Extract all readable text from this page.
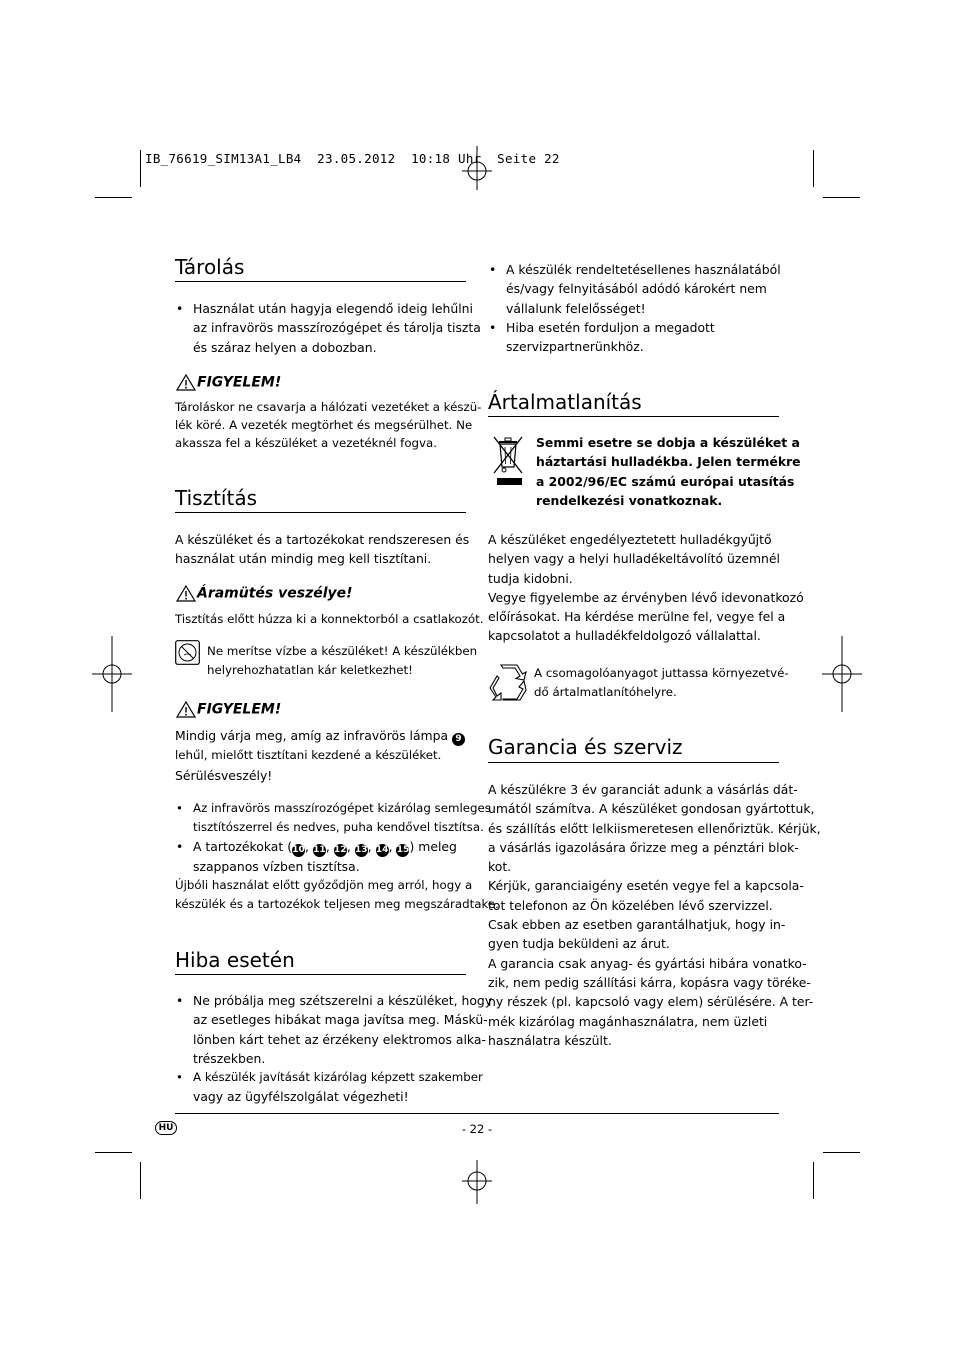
IB_76619_SIM13A1_LB4  23.05.2012  10:18 Uhr  Seite 22
Tárolás
• Használat után hagyja elegendő ideig lehűlni
az infravörös masszírozógépet és tárolja tiszta
és száraz helyen a dobozban.
FIGYELEM!
Tároláskor ne csavarja a hálózati vezetéket a készü-
lék köré. A vezeték megtörhet és megsérülhet. Ne
akassza fel a készüléket a vezetéknél fogva.
Tisztítás
A készüléket és a tartozékokat rendszeresen és
használat után mindig meg kell tisztítani.
Áramütés veszélye!
Tisztítás előtt húzza ki a konnektorból a csatlakozót.
Ne merítse vízbe a készüléket! A készülékben
helyrehozhatatlan kár keletkezhet!
FIGYELEM!
Mindig várja meg, amíg az infravörös lámpa 9
lehűl, mielőtt tisztítani kezdené a készüléket.
Sérülésveszély!
• Az infravörös masszírozógépet kizárólag semleges
tisztítószerrel és nedves, puha kendővel tisztítsa.
• A tartozékokat (10, 11, 12, 13, 14, 15) meleg
szappanos vízben tisztítsa.
Újbóli használat előtt győződjön meg arról, hogy a
készülék és a tartozékok teljesen meg megszáradtake.
Hiba esetén
• Ne próbálja meg szétszerelni a készüléket, hogy
az esetleges hibákat maga javítsa meg. Máskü-
lönben kárt tehet az érzékeny elektromos alka-
trészekben.
• A készülék javítását kizárólag képzett szakember
vagy az ügyfélszolgálat végezheti!
• A készülék rendeltetésellenes használatából
és/vagy felnyitásából adódó károkért nem
vállalunk felelősséget!
• Hiba esetén forduljon a megadott
szervizpartnerünkhöz.
Ártalmatlanítás
Semmi esetre se dobja a készüléket a
háztartási hulladékba. Jelen termékre
a 2002/96/EC számú európai utasítás
rendelkezési vonatkoznak.
A készüléket engedélyeztetett hulladékgyűjtő
helyen vagy a helyi hulladékeltávolító üzemnél
tudja kidobni.
Vegye figyelembe az érvényben lévő idevonatkozó
előírásokat. Ha kérdése merülne fel, vegye fel a
kapcsolatot a hulladékfeldolgozó vállalattal.
A csomagolóanyagot juttassa környezetvé-
dő ártalmatlanítóhelyre.
Garancia és szerviz
A készülékre 3 év garanciát adunk a vásárlás dát-
umától számítva. A készüléket gondosan gyártottuk,
és szállítás előtt lelkiismeretesen ellenőriztük. Kérjük,
a vásárlás igazolására őrizze meg a pénztári blok-
kot.
Kérjük, garanciaigény esetén vegye fel a kapcsola-
tot telefonon az Ön közelében lévő szervizzel.
Csak ebben az esetben garantálhatjuk, hogy in-
gyen tudja beküldeni az árut.
A garancia csak anyag- és gyártási hibára vonatko-
zik, nem pedig szállítási kárra, kopásra vagy töréke-
ny részek (pl. kapcsoló vagy elem) sérülésére. A ter-
mék kizárólag magánhasználatra, nem üzleti
használatra készült.
HU	- 22 -
